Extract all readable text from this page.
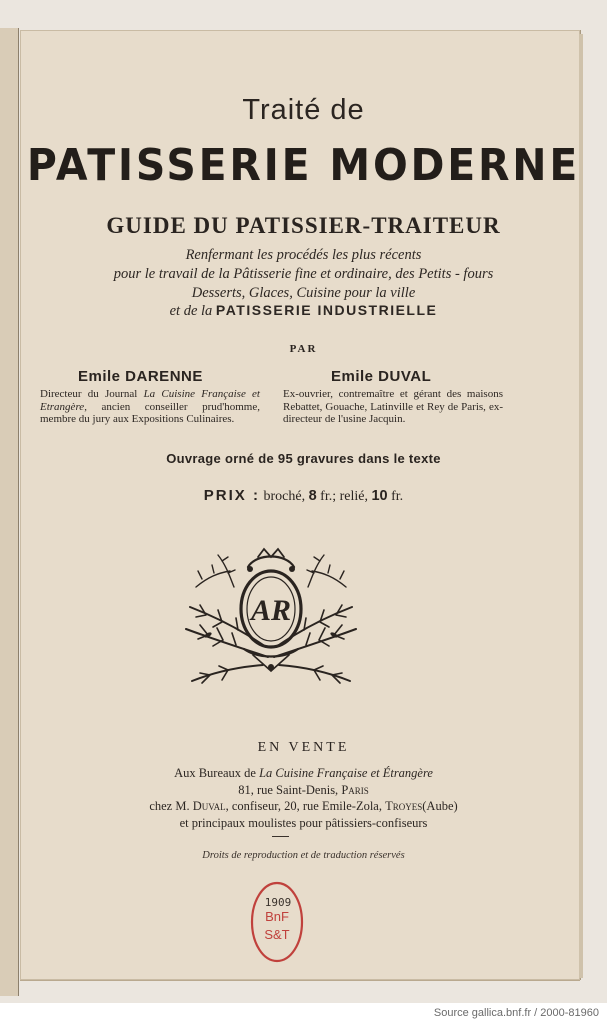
Traité de
PATISSERIE MODERNE
GUIDE DU PATISSIER-TRAITEUR
Renfermant les procédés les plus récents
pour le travail de la Pâtisserie fine et ordinaire, des Petits - fours
Desserts, Glaces, Cuisine pour la ville
et de la PATISSERIE INDUSTRIELLE
PAR
Emile DARENNE
Directeur du Journal La Cuisine Française et Etrangère, ancien conseiller prud'homme, membre du jury aux Expositions Culinaires.
Emile DUVAL
Ex-ouvrier, contremaître et gérant des maisons Rebattet, Gouache, Latinville et Rey de Paris, ex-directeur de l'usine Jacquin.
Ouvrage orné de 95 gravures dans le texte
PRIX : broché, 8 fr.; relié, 10 fr.
AR
EN VENTE
Aux Bureaux de La Cuisine Française et Étrangère
81, rue Saint-Denis, Paris
chez M. Duval, confiseur, 20, rue Emile-Zola, Troyes(Aube)
et principaux moulistes pour pâtissiers-confiseurs
Droits de reproduction et de traduction réservés
1909
BnF
S&T
Source gallica.bnf.fr / 2000-81960
